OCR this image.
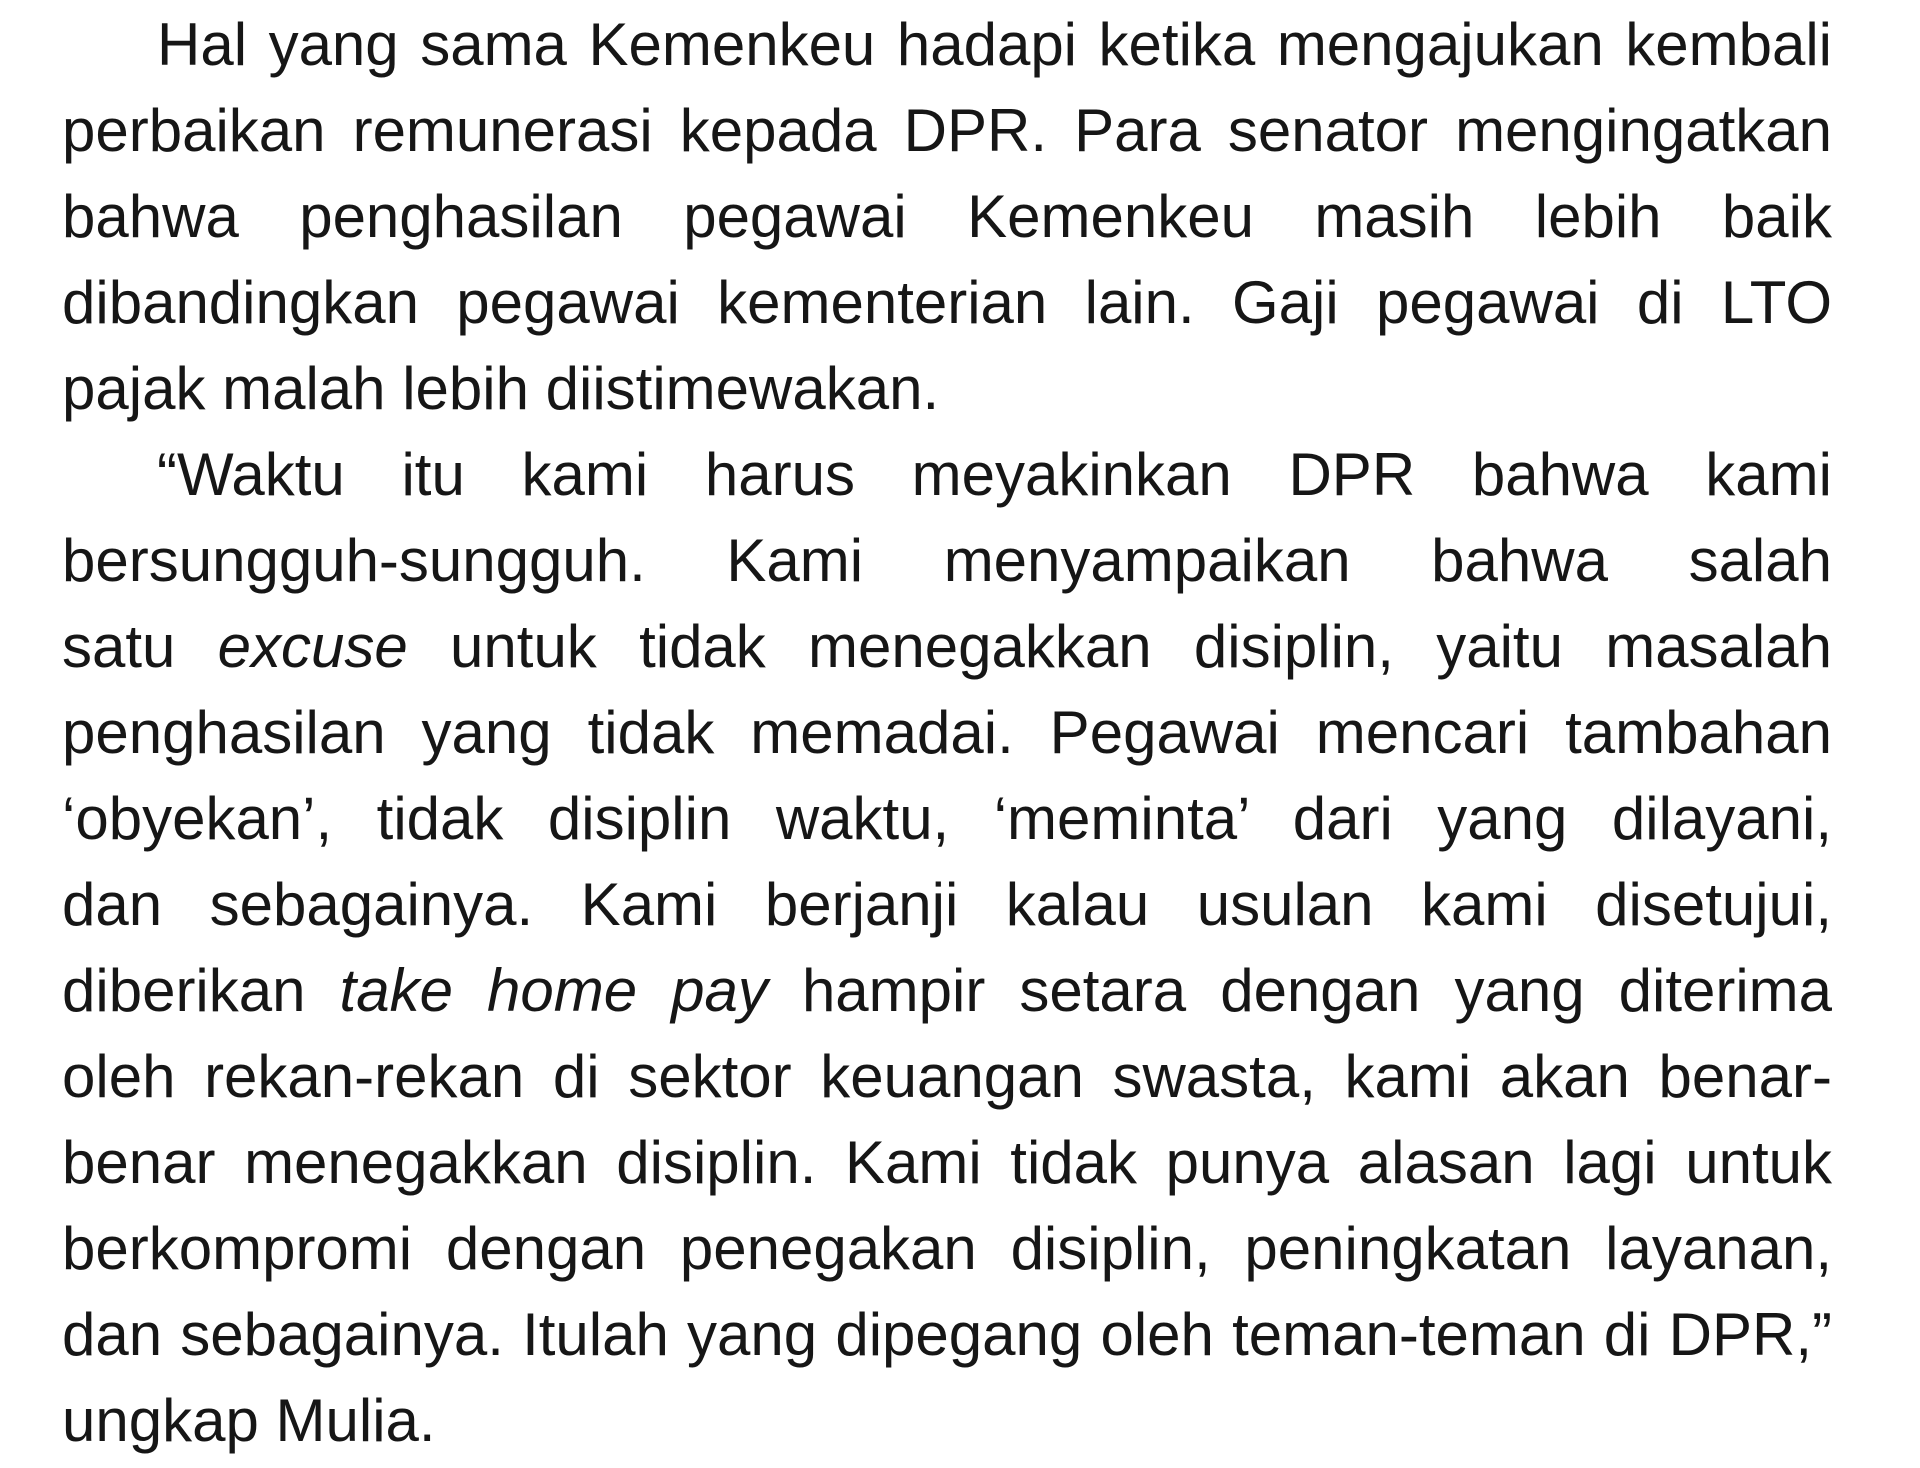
Hal yang sama Kemenkeu hadapi ketika mengajukan kembali
perbaikan remunerasi kepada DPR. Para senator mengingatkan
bahwa penghasilan pegawai Kemenkeu masih lebih baik
dibandingkan pegawai kementerian lain. Gaji pegawai di LTO
pajak malah lebih diistimewakan.
“Waktu itu kami harus meyakinkan DPR bahwa kami
bersungguh-sungguh. Kami menyampaikan bahwa salah
satu excuse untuk tidak menegakkan disiplin, yaitu masalah
penghasilan yang tidak memadai. Pegawai mencari tambahan
‘obyekan’, tidak disiplin waktu, ‘meminta’ dari yang dilayani,
dan sebagainya. Kami berjanji kalau usulan kami disetujui,
diberikan take home pay hampir setara dengan yang diterima
oleh rekan-rekan di sektor keuangan swasta, kami akan benar-
benar menegakkan disiplin. Kami tidak punya alasan lagi untuk
berkompromi dengan penegakan disiplin, peningkatan layanan,
dan sebagainya. Itulah yang dipegang oleh teman-teman di DPR,”
ungkap Mulia.
